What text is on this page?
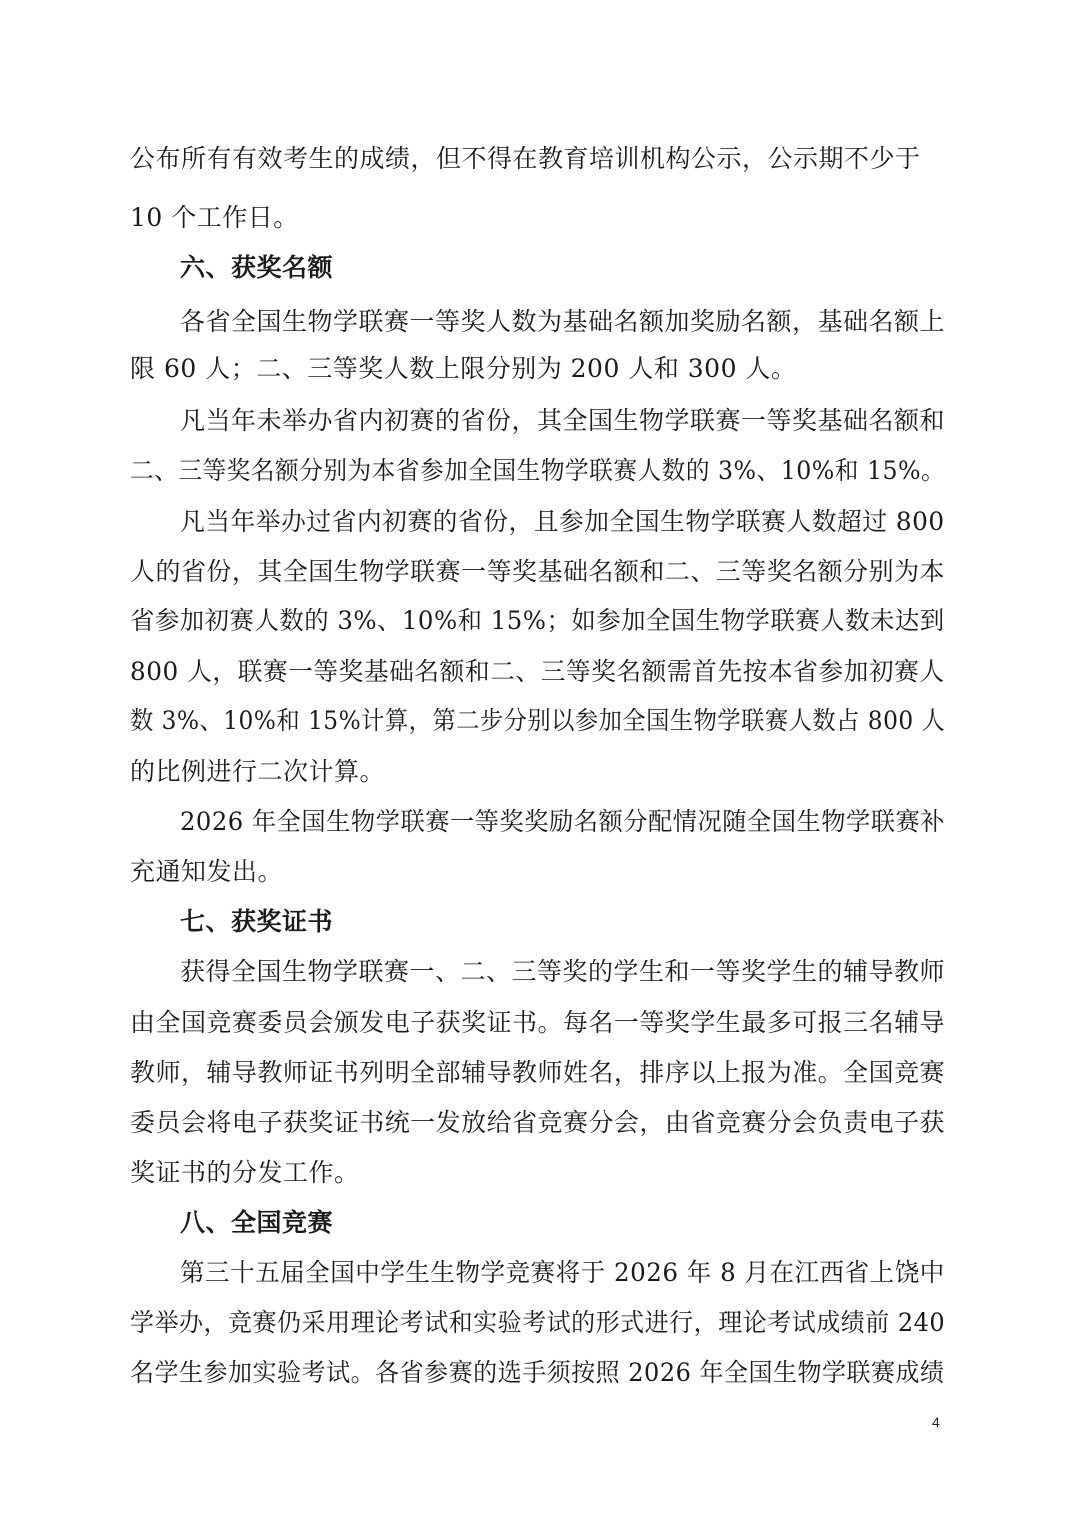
公布所有有效考生的成绩，但不得在教育培训机构公示，公示期不少于
10 个工作日。
六、获奖名额
各省全国生物学联赛一等奖人数为基础名额加奖励名额，基础名额上
限 60 人；二、三等奖人数上限分别为 200 人和 300 人。
凡当年未举办省内初赛的省份，其全国生物学联赛一等奖基础名额和
二、三等奖名额分别为本省参加全国生物学联赛人数的 3%、10%和 15%。
凡当年举办过省内初赛的省份，且参加全国生物学联赛人数超过 800
人的省份，其全国生物学联赛一等奖基础名额和二、三等奖名额分别为本
省参加初赛人数的 3%、10%和 15%；如参加全国生物学联赛人数未达到
800 人，联赛一等奖基础名额和二、三等奖名额需首先按本省参加初赛人
数 3%、10%和 15%计算，第二步分别以参加全国生物学联赛人数占 800 人
的比例进行二次计算。
2026 年全国生物学联赛一等奖奖励名额分配情况随全国生物学联赛补
充通知发出。
七、获奖证书
获得全国生物学联赛一、二、三等奖的学生和一等奖学生的辅导教师
由全国竞赛委员会颁发电子获奖证书。每名一等奖学生最多可报三名辅导
教师，辅导教师证书列明全部辅导教师姓名，排序以上报为准。全国竞赛
委员会将电子获奖证书统一发放给省竞赛分会，由省竞赛分会负责电子获
奖证书的分发工作。
八、全国竞赛
第三十五届全国中学生生物学竞赛将于 2026 年 8 月在江西省上饶中
学举办，竞赛仍采用理论考试和实验考试的形式进行，理论考试成绩前 240
名学生参加实验考试。各省参赛的选手须按照 2026 年全国生物学联赛成绩
4
